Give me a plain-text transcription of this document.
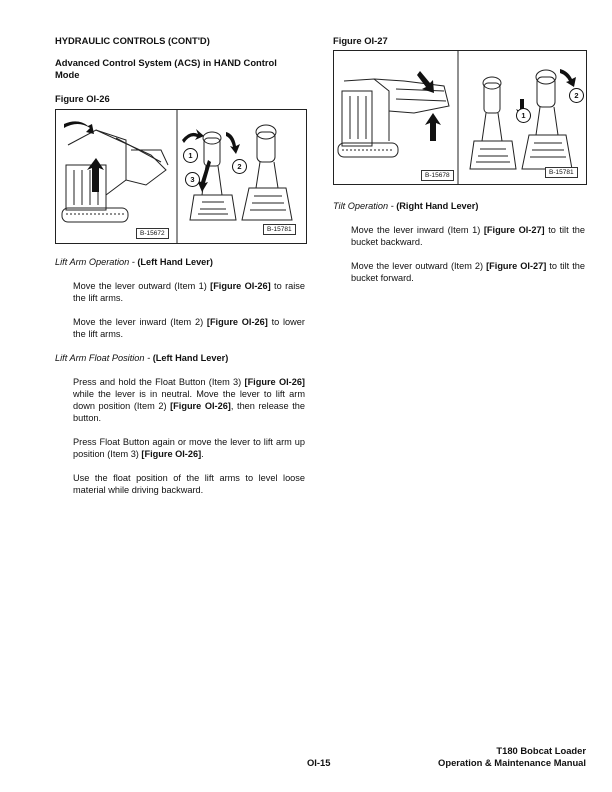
HYDRAULIC CONTROLS (CONT'D)
Advanced Control System (ACS) in HAND Control
Mode
Figure OI-26
1
2
3
B-15672
B-15781
Lift Arm Operation - (Left Hand Lever)
Move the lever outward (Item 1) [Figure OI-26] to raise the lift arms.
Move the lever inward (Item 2) [Figure OI-26] to lower the lift arms.
Lift Arm Float Position - (Left Hand Lever)
Press and hold the Float Button (Item 3) [Figure OI-26] while the lever is in neutral. Move the lever to lift arm down position (Item 2) [Figure OI-26], then release the button.
Press Float Button again or move the lever to lift arm up position (Item 3) [Figure OI-26].
Use the float position of the lift arms to level loose material while driving backward.
Figure OI-27
1
2
B-15678	B-15781
Tilt Operation - (Right Hand Lever)
Move the lever inward (Item 1) [Figure OI-27] to tilt the bucket backward.
Move the lever outward (Item 2) [Figure OI-27] to tilt the bucket forward.
OI-15
T180 Bobcat Loader
Operation & Maintenance Manual
